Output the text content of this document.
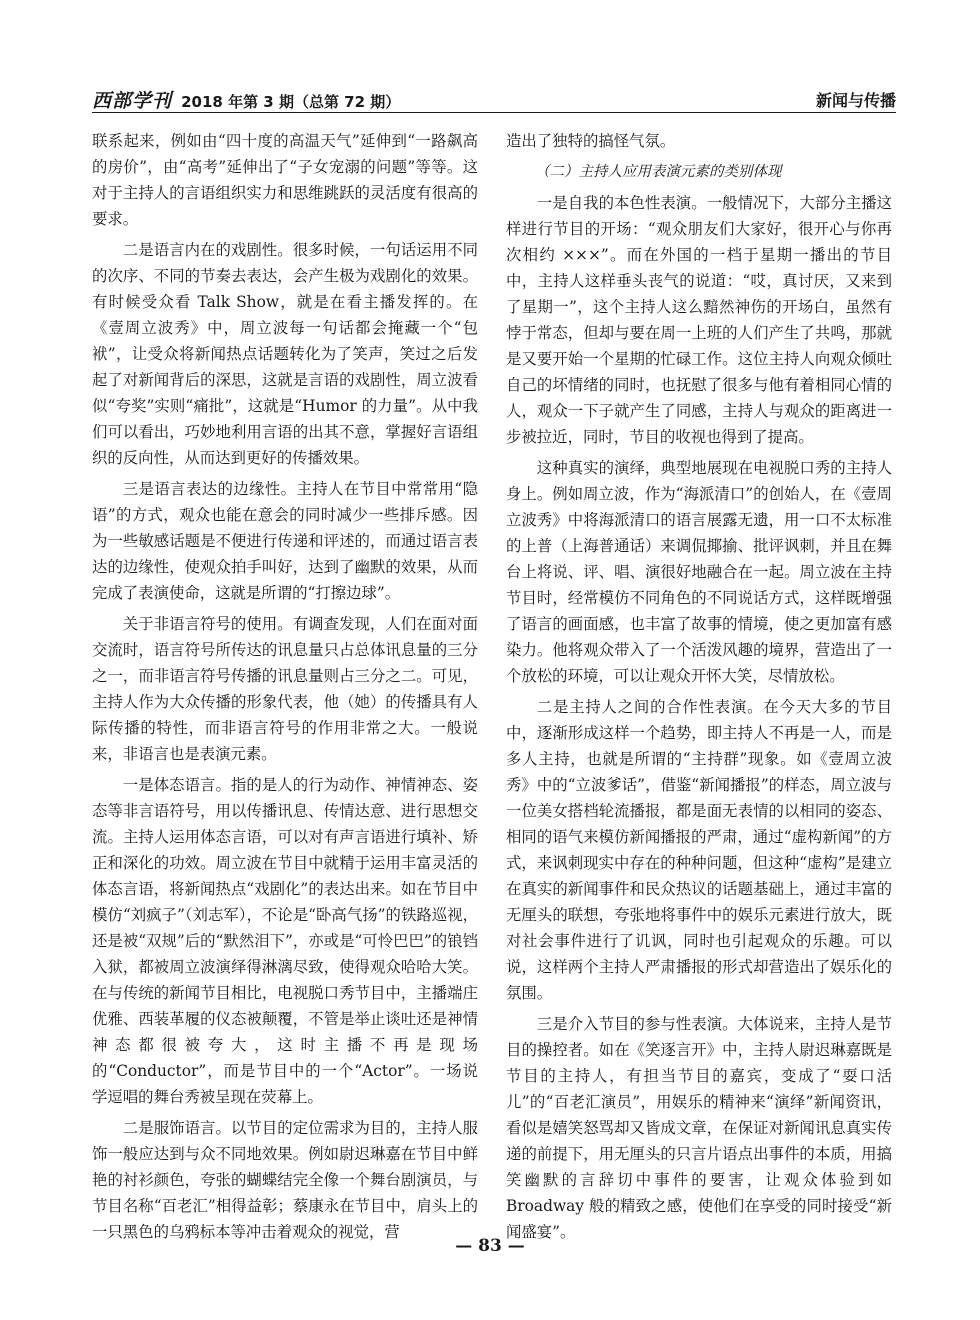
西部学刊 2018 年第 3 期（总第 72 期）	新闻与传播

联系起来，例如由“四十度的高温天气”延伸到“一路飙高的房价”，由“高考”延伸出了“子女宠溺的问题”等等。这对于主持人的言语组织实力和思维跳跃的灵活度有很高的要求。

二是语言内在的戏剧性。很多时候，一句话运用不同的次序、不同的节奏去表达，会产生极为戏剧化的效果。有时候受众看 Talk Show，就是在看主播发挥的。在《壹周立波秀》中，周立波每一句话都会掩藏一个“包袱”，让受众将新闻热点话题转化为了笑声，笑过之后发起了对新闻背后的深思，这就是言语的戏剧性，周立波看似“夸奖”实则“痛批”，这就是“Humor 的力量”。从中我们可以看出，巧妙地利用言语的出其不意，掌握好言语组织的反向性，从而达到更好的传播效果。

三是语言表达的边缘性。主持人在节目中常常用“隐语”的方式，观众也能在意会的同时减少一些排斥感。因为一些敏感话题是不便进行传递和评述的，而通过语言表达的边缘性，使观众拍手叫好，达到了幽默的效果，从而完成了表演使命，这就是所谓的“打擦边球”。

关于非语言符号的使用。有调查发现，人们在面对面交流时，语言符号所传达的讯息量只占总体讯息量的三分之一，而非语言符号传播的讯息量则占三分之二。可见，主持人作为大众传播的形象代表，他（她）的传播具有人际传播的特性，而非语言符号的作用非常之大。一般说来，非语言也是表演元素。

一是体态语言。指的是人的行为动作、神情神态、姿态等非言语符号，用以传播讯息、传情达意、进行思想交流。主持人运用体态言语，可以对有声言语进行填补、矫正和深化的功效。周立波在节目中就精于运用丰富灵活的体态言语，将新闻热点“戏剧化”的表达出来。如在节目中模仿“刘疯子”（刘志军），不论是“卧高气扬”的铁路巡视，还是被“双规”后的“默然泪下”，亦或是“可怜巴巴”的锒铛入狱，都被周立波演绎得淋漓尽致，使得观众哈哈大笑。在与传统的新闻节目相比，电视脱口秀节目中，主播端庄优雅、西装革履的仪态被颠覆，不管是举止谈吐还是神情神态都很被夸大，这时主播不再是现场的“Conductor”，而是节目中的一个“Actor”。一场说学逗唱的舞台秀被呈现在荧幕上。

二是服饰语言。以节目的定位需求为目的，主持人服饰一般应达到与众不同地效果。例如尉迟琳嘉在节目中鲜艳的衬衫颜色，夸张的蝴蝶结完全像一个舞台剧演员，与节目名称“百老汇”相得益彰；蔡康永在节目中，肩头上的一只黑色的乌鸦标本等冲击着观众的视觉，营

造出了独特的搞怪气氛。

（二）主持人应用表演元素的类别体现

一是自我的本色性表演。一般情况下，大部分主播这样进行节目的开场：“观众朋友们大家好，很开心与你再次相约 ×××”。而在外国的一档于星期一播出的节目中，主持人这样垂头丧气的说道：“哎，真讨厌，又来到了星期一”，这个主持人这么黯然神伤的开场白，虽然有悖于常态，但却与要在周一上班的人们产生了共鸣，那就是又要开始一个星期的忙碌工作。这位主持人向观众倾吐自己的坏情绪的同时，也抚慰了很多与他有着相同心情的人，观众一下子就产生了同感，主持人与观众的距离进一步被拉近，同时，节目的收视也得到了提高。

这种真实的演绎，典型地展现在电视脱口秀的主持人身上。例如周立波，作为“海派清口”的创始人，在《壹周立波秀》中将海派清口的语言展露无遗，用一口不太标准的上普（上海普通话）来调侃揶揄、批评讽刺，并且在舞台上将说、评、唱、演很好地融合在一起。周立波在主持节目时，经常模仿不同角色的不同说话方式，这样既增强了语言的画面感，也丰富了故事的情境，使之更加富有感染力。他将观众带入了一个活泼风趣的境界，营造出了一个放松的环境，可以让观众开怀大笑，尽情放松。

二是主持人之间的合作性表演。在今天大多的节目中，逐渐形成这样一个趋势，即主持人不再是一人，而是多人主持，也就是所谓的“主持群”现象。如《壹周立波秀》中的“立波爹话”，借鉴“新闻播报”的样态，周立波与一位美女搭档轮流播报，都是面无表情的以相同的姿态、相同的语气来模仿新闻播报的严肃，通过“虚构新闻”的方式，来讽刺现实中存在的种种问题，但这种“虚构”是建立在真实的新闻事件和民众热议的话题基础上，通过丰富的无厘头的联想，夸张地将事件中的娱乐元素进行放大，既对社会事件进行了讥讽，同时也引起观众的乐趣。可以说，这样两个主持人严肃播报的形式却营造出了娱乐化的氛围。

三是介入节目的参与性表演。大体说来，主持人是节目的操控者。如在《笑逐言开》中，主持人尉迟琳嘉既是节目的主持人，有担当节目的嘉宾，变成了“耍口活儿”的“百老汇演员”，用娱乐的精神来“演绎”新闻资讯，看似是嬉笑怒骂却又皆成文章，在保证对新闻讯息真实传递的前提下，用无厘头的只言片语点出事件的本质，用搞笑幽默的言辞切中事件的要害，让观众体验到如 Broadway 般的精致之感，使他们在享受的同时接受“新闻盛宴”。

— 83 —
